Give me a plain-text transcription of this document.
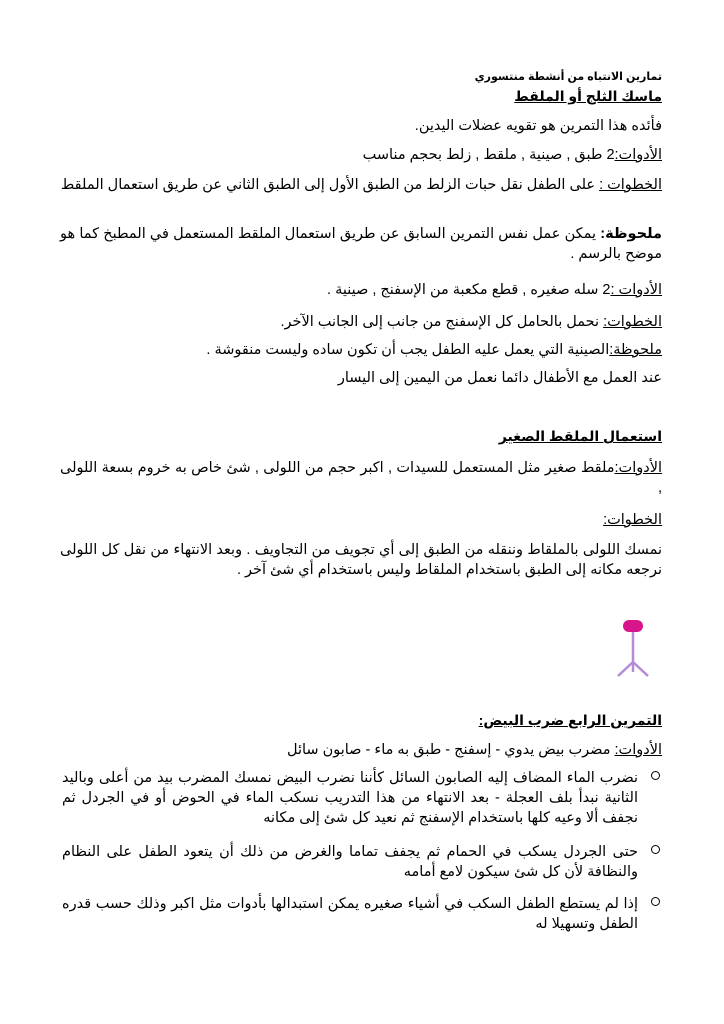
تمارين الانتباه من أنشطة منتسوري
ماسك الثلج أو الملقط
فأئده هذا التمرين هو تقويه عضلات اليدين.
الأدوات:2 طبق , صينية , ملقط , زلط بحجم مناسب
الخطوات : على الطفل نقل حبات الزلط من الطبق الأول إلى الطبق الثاني عن طريق استعمال الملقط
ملحوظة: يمكن عمل نفس التمرين السابق عن طريق استعمال الملقط المستعمل في المطبخ كما هو موضح بالرسم .
الأدوات :2 سله صغيره , قطع مكعبة من الإسفنج , صينية .
الخطوات: نحمل بالحامل كل الإسفنج من جانب إلى الجانب الآخر.
ملحوظة:الصينية التي يعمل عليه الطفل يجب أن تكون ساده وليست منقوشة .
عند العمل مع الأطفال دائما نعمل من اليمين إلى اليسار
استعمال الملقط الصغير
الأدوات:ملقط صغير مثل المستعمل للسيدات , اكبر حجم من اللولى , شئ خاص به خروم بسعة اللولى ,
الخطوات:
نمسك اللولى بالملقاط وننقله من الطبق إلى أي تجويف من التجاويف . وبعد الانتهاء من نقل كل اللولى نرجعه مكانه إلى الطبق باستخدام الملقاط وليس باستخدام أي شئ آخر .
التمرين الرابع ضرب البيض:
الأدوات: مضرب بيض يدوي - إسفنج - طبق به ماء - صابون سائل
نضرب الماء المضاف إليه الصابون السائل كأننا نضرب البيض نمسك المضرب بيد من أعلى وباليد الثانية نبدأ بلف العجلة - بعد الانتهاء من هذا التدريب نسكب الماء في الحوض أو في الجردل ثم نجفف ألا وعيه كلها باستخدام الإسفنج ثم نعيد كل شئ إلى مكانه
حتى الجردل يسكب في الحمام ثم يجفف تماما والغرض من ذلك أن يتعود الطفل على النظام والنظافة لأن كل شئ سيكون لامع أمامه
إذا لم يستطع الطفل السكب في أشياء صغيره يمكن استبدالها بأدوات مثل اكبر وذلك حسب قدره الطفل وتسهيلا له
